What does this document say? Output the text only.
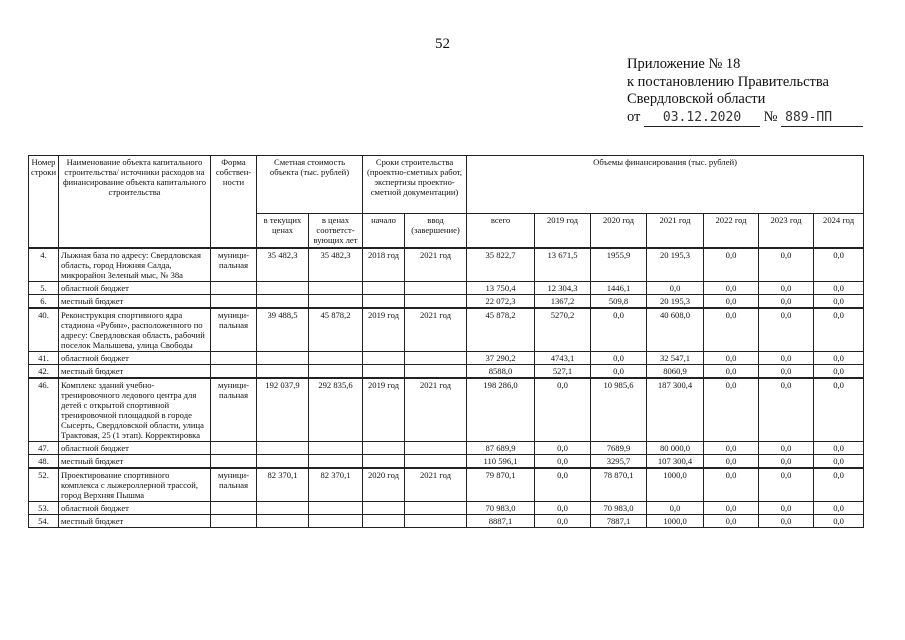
52
Приложение № 18
к постановлению Правительства
Свердловской области
от 03.12.2020 № 889-ПП
Номер строки	Наименование объекта капитального строительства/ источники расходов на финансирование объекта капитального строительства	Форма собствен- ности	Сметная стоимость объекта (тыс. рублей)		Сроки строительства (проектно-сметных работ, экспертизы проектно-сметной документации)		Объемы финансирования (тыс. рублей)						
			в текущих ценах	в ценах соответст- вующих лет	начало	ввод (завершение)	всего	2019 год	2020 год	2021 год	2022 год	2023 год	2024 год
4.	Лыжная база по адресу: Свердловская область, город Нижняя Салда, микрорайон Зеленый мыс, № 38а	муници- пальная	35 482,3	35 482,3	2018 год	2021 год	35 822,7	13 671,5	1955,9	20 195,3	0,0	0,0	0,0
5.	областной бюджет						13 750,4	12 304,3	1446,1	0,0	0,0	0,0	0,0
6.	местный бюджет						22 072,3	1367,2	509,8	20 195,3	0,0	0,0	0,0
40.	Реконструкция спортивного ядра стадиона «Рубин», расположенного по адресу: Свердловская область, рабочий поселок Малышева, улица Свободы	муници- пальная	39 488,5	45 878,2	2019 год	2021 год	45 878,2	5270,2	0,0	40 608,0	0,0	0,0	0,0
41.	областной бюджет						37 290,2	4743,1	0,0	32 547,1	0,0	0,0	0,0
42.	местный бюджет						8588,0	527,1	0,0	8060,9	0,0	0,0	0,0
46.	Комплекс зданий учебно- тренировочного ледового центра для детей с открытой спортивной тренировочной площадкой в городе Сысерть, Свердловской области, улица Трактовая, 25 (1 этап). Корректировка	муници- пальная	192 037,9	292 835,6	2019 год	2021 год	198 286,0	0,0	10 985,6	187 300,4	0,0	0,0	0,0
47.	областной бюджет						87 689,9	0,0	7689,9	80 000,0	0,0	0,0	0,0
48.	местный бюджет						110 596,1	0,0	3295,7	107 300,4	0,0	0,0	0,0
52.	Проектирование спортивного комплекса с лыжероллерной трассой, город Верхняя Пышма	муници- пальная	82 370,1	82 370,1	2020 год	2021 год	79 870,1	0,0	78 870,1	1000,0	0,0	0,0	0,0
53.	областной бюджет						70 983,0	0,0	70 983,0	0,0	0,0	0,0	0,0
54.	местный бюджет						8887,1	0,0	7887,1	1000,0	0,0	0,0	0,0
